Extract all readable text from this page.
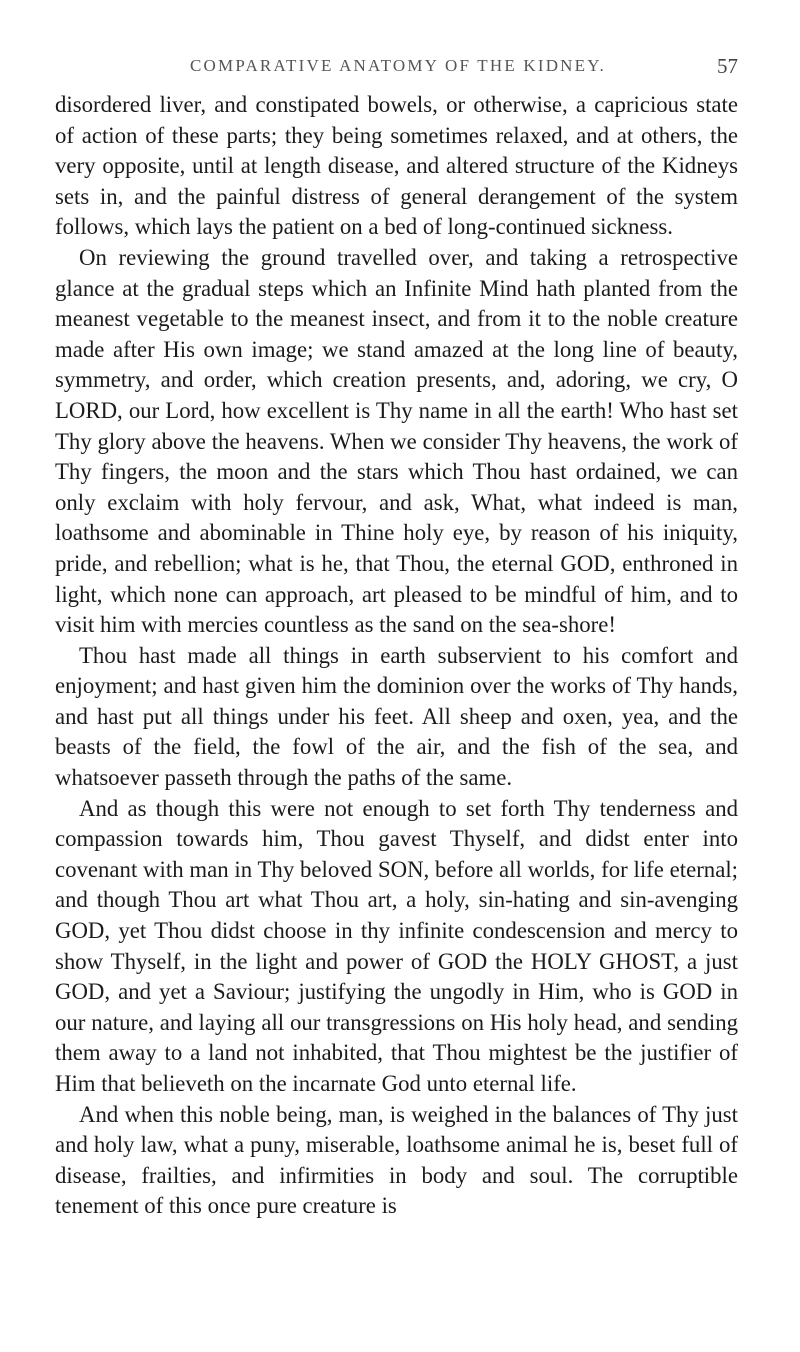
COMPARATIVE ANATOMY OF THE KIDNEY.	57

disordered liver, and constipated bowels, or otherwise, a capricious state of action of these parts; they being sometimes relaxed, and at others, the very opposite, until at length disease, and altered structure of the Kidneys sets in, and the painful distress of general derangement of the system follows, which lays the patient on a bed of long-continued sickness.

On reviewing the ground travelled over, and taking a retrospective glance at the gradual steps which an Infinite Mind hath planted from the meanest vegetable to the meanest insect, and from it to the noble creature made after His own image; we stand amazed at the long line of beauty, symmetry, and order, which creation presents, and, adoring, we cry, O LORD, our Lord, how excellent is Thy name in all the earth! Who hast set Thy glory above the heavens. When we consider Thy heavens, the work of Thy fingers, the moon and the stars which Thou hast ordained, we can only exclaim with holy fervour, and ask, What, what indeed is man, loathsome and abominable in Thine holy eye, by reason of his iniquity, pride, and rebellion; what is he, that Thou, the eternal GOD, enthroned in light, which none can approach, art pleased to be mindful of him, and to visit him with mercies countless as the sand on the sea-shore!

Thou hast made all things in earth subservient to his comfort and enjoyment; and hast given him the dominion over the works of Thy hands, and hast put all things under his feet. All sheep and oxen, yea, and the beasts of the field, the fowl of the air, and the fish of the sea, and whatsoever passeth through the paths of the same.

And as though this were not enough to set forth Thy tenderness and compassion towards him, Thou gavest Thyself, and didst enter into covenant with man in Thy beloved SON, before all worlds, for life eternal; and though Thou art what Thou art, a holy, sin-hating and sin-avenging GOD, yet Thou didst choose in thy infinite condescension and mercy to show Thyself, in the light and power of GOD the HOLY GHOST, a just GOD, and yet a Saviour; justifying the ungodly in Him, who is GOD in our nature, and laying all our transgressions on His holy head, and sending them away to a land not inhabited, that Thou mightest be the justifier of Him that believeth on the incarnate God unto eternal life.

And when this noble being, man, is weighed in the balances of Thy just and holy law, what a puny, miserable, loathsome animal he is, beset full of disease, frailties, and infirmities in body and soul. The corruptible tenement of this once pure creature is
